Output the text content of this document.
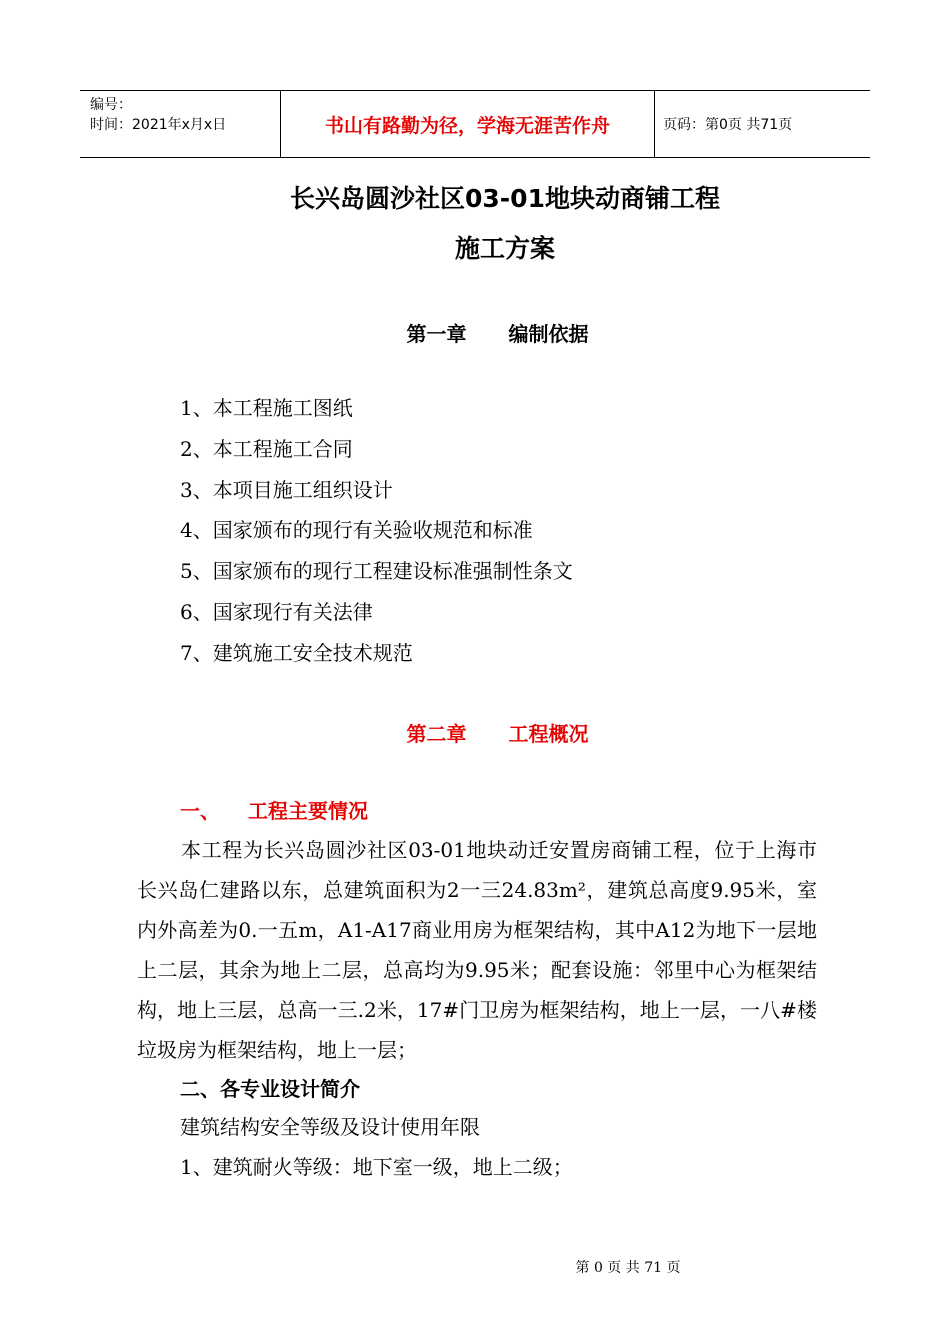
编号：
时间：2021年x月x日	书山有路勤为径，学海无涯苦作舟	页码：第0页 共71页
长兴岛圆沙社区03-01地块动商铺工程
施工方案
第一章 编制依据
1、本工程施工图纸
2、本工程施工合同
3、本项目施工组织设计
4、国家颁布的现行有关验收规范和标准
5、国家颁布的现行工程建设标准强制性条文
6、国家现行有关法律
7、建筑施工安全技术规范
第二章 工程概况
一、 工程主要情况

本工程为长兴岛圆沙社区03-01地块动迁安置房商铺工程，位于上海市长兴岛仁建路以东，总建筑面积为2一三24.83m²，建筑总高度9.95米，室内外高差为0.一五m，A1-A17商业用房为框架结构，其中A12为地下一层地上二层，其余为地上二层，总高均为9.95米；配套设施：邻里中心为框架结构，地上三层，总高一三.2米，17#门卫房为框架结构，地上一层，一八#楼垃圾房为框架结构，地上一层；

二、各专业设计简介
建筑结构安全等级及设计使用年限
1、建筑耐火等级：地下室一级，地上二级；
第 0 页 共 71 页
